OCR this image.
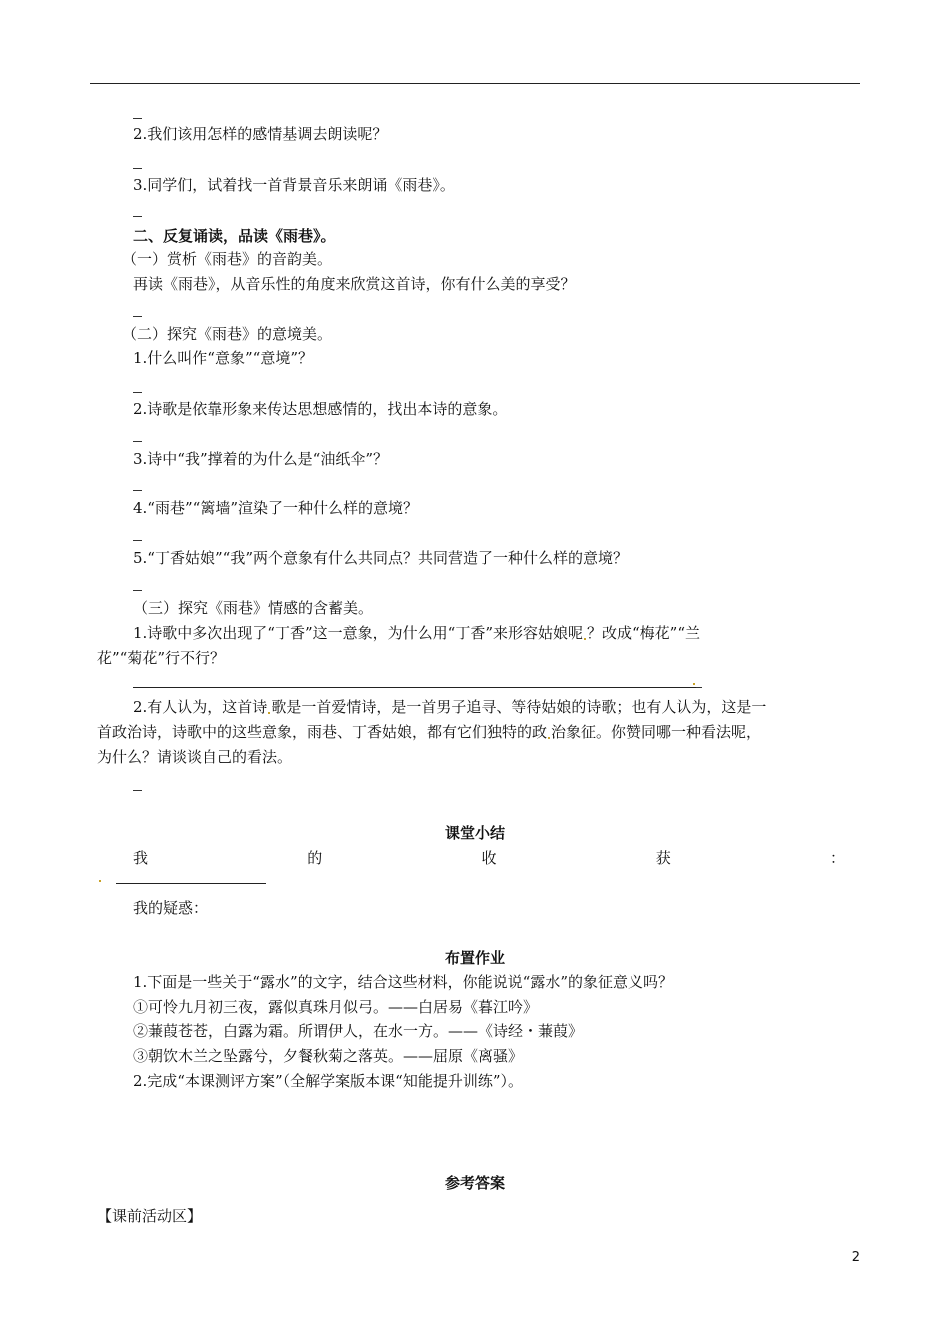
2.我们该用怎样的感情基调去朗读呢？
3.同学们，试着找一首背景音乐来朗诵《雨巷》。
二、反复诵读，品读《雨巷》。
（一）赏析《雨巷》的音韵美。
再读《雨巷》，从音乐性的角度来欣赏这首诗，你有什么美的享受？
（二）探究《雨巷》的意境美。
1.什么叫作“意象”“意境”？
2.诗歌是依靠形象来传达思想感情的，找出本诗的意象。
3.诗中“我”撑着的为什么是“油纸伞”？
4.“雨巷”“篱墙”渲染了一种什么样的意境？
5.“丁香姑娘”“我”两个意象有什么共同点？共同营造了一种什么样的意境？
（三）探究《雨巷》情感的含蓄美。
1.诗歌中多次出现了“丁香”这一意象，为什么用“丁香”来形容姑娘呢 ？改成“梅花”“兰
花”“菊花”行不行？
2.有人认为，这首诗 歌是一首爱情诗，是一首男子追寻、等待姑娘的诗歌；也有人认为，这是一
首政治诗，诗歌中的这些意象，雨巷、丁香姑娘，都有它们独特的政 治象征。你赞同哪一种看法呢，
为什么？请谈谈自己的看法。
课堂小结
我	的	收	获	：
我的疑惑：
布置作业
1.下面是一些关于“露水”的文字，结合这些材料，你能说说“露水”的象征意义吗？
①可怜九月初三夜，露似真珠月似弓。——白居易《暮江吟》
②蒹葭苍苍，白露为霜。所谓伊人，在水一方。——《诗经・蒹葭》
③朝饮木兰之坠露兮，夕餐秋菊之落英。——屈原《离骚》
2.完成“本课测评方案”（全解学案版本课“知能提升训练”）。
参考答案
【课前活动区】
2
